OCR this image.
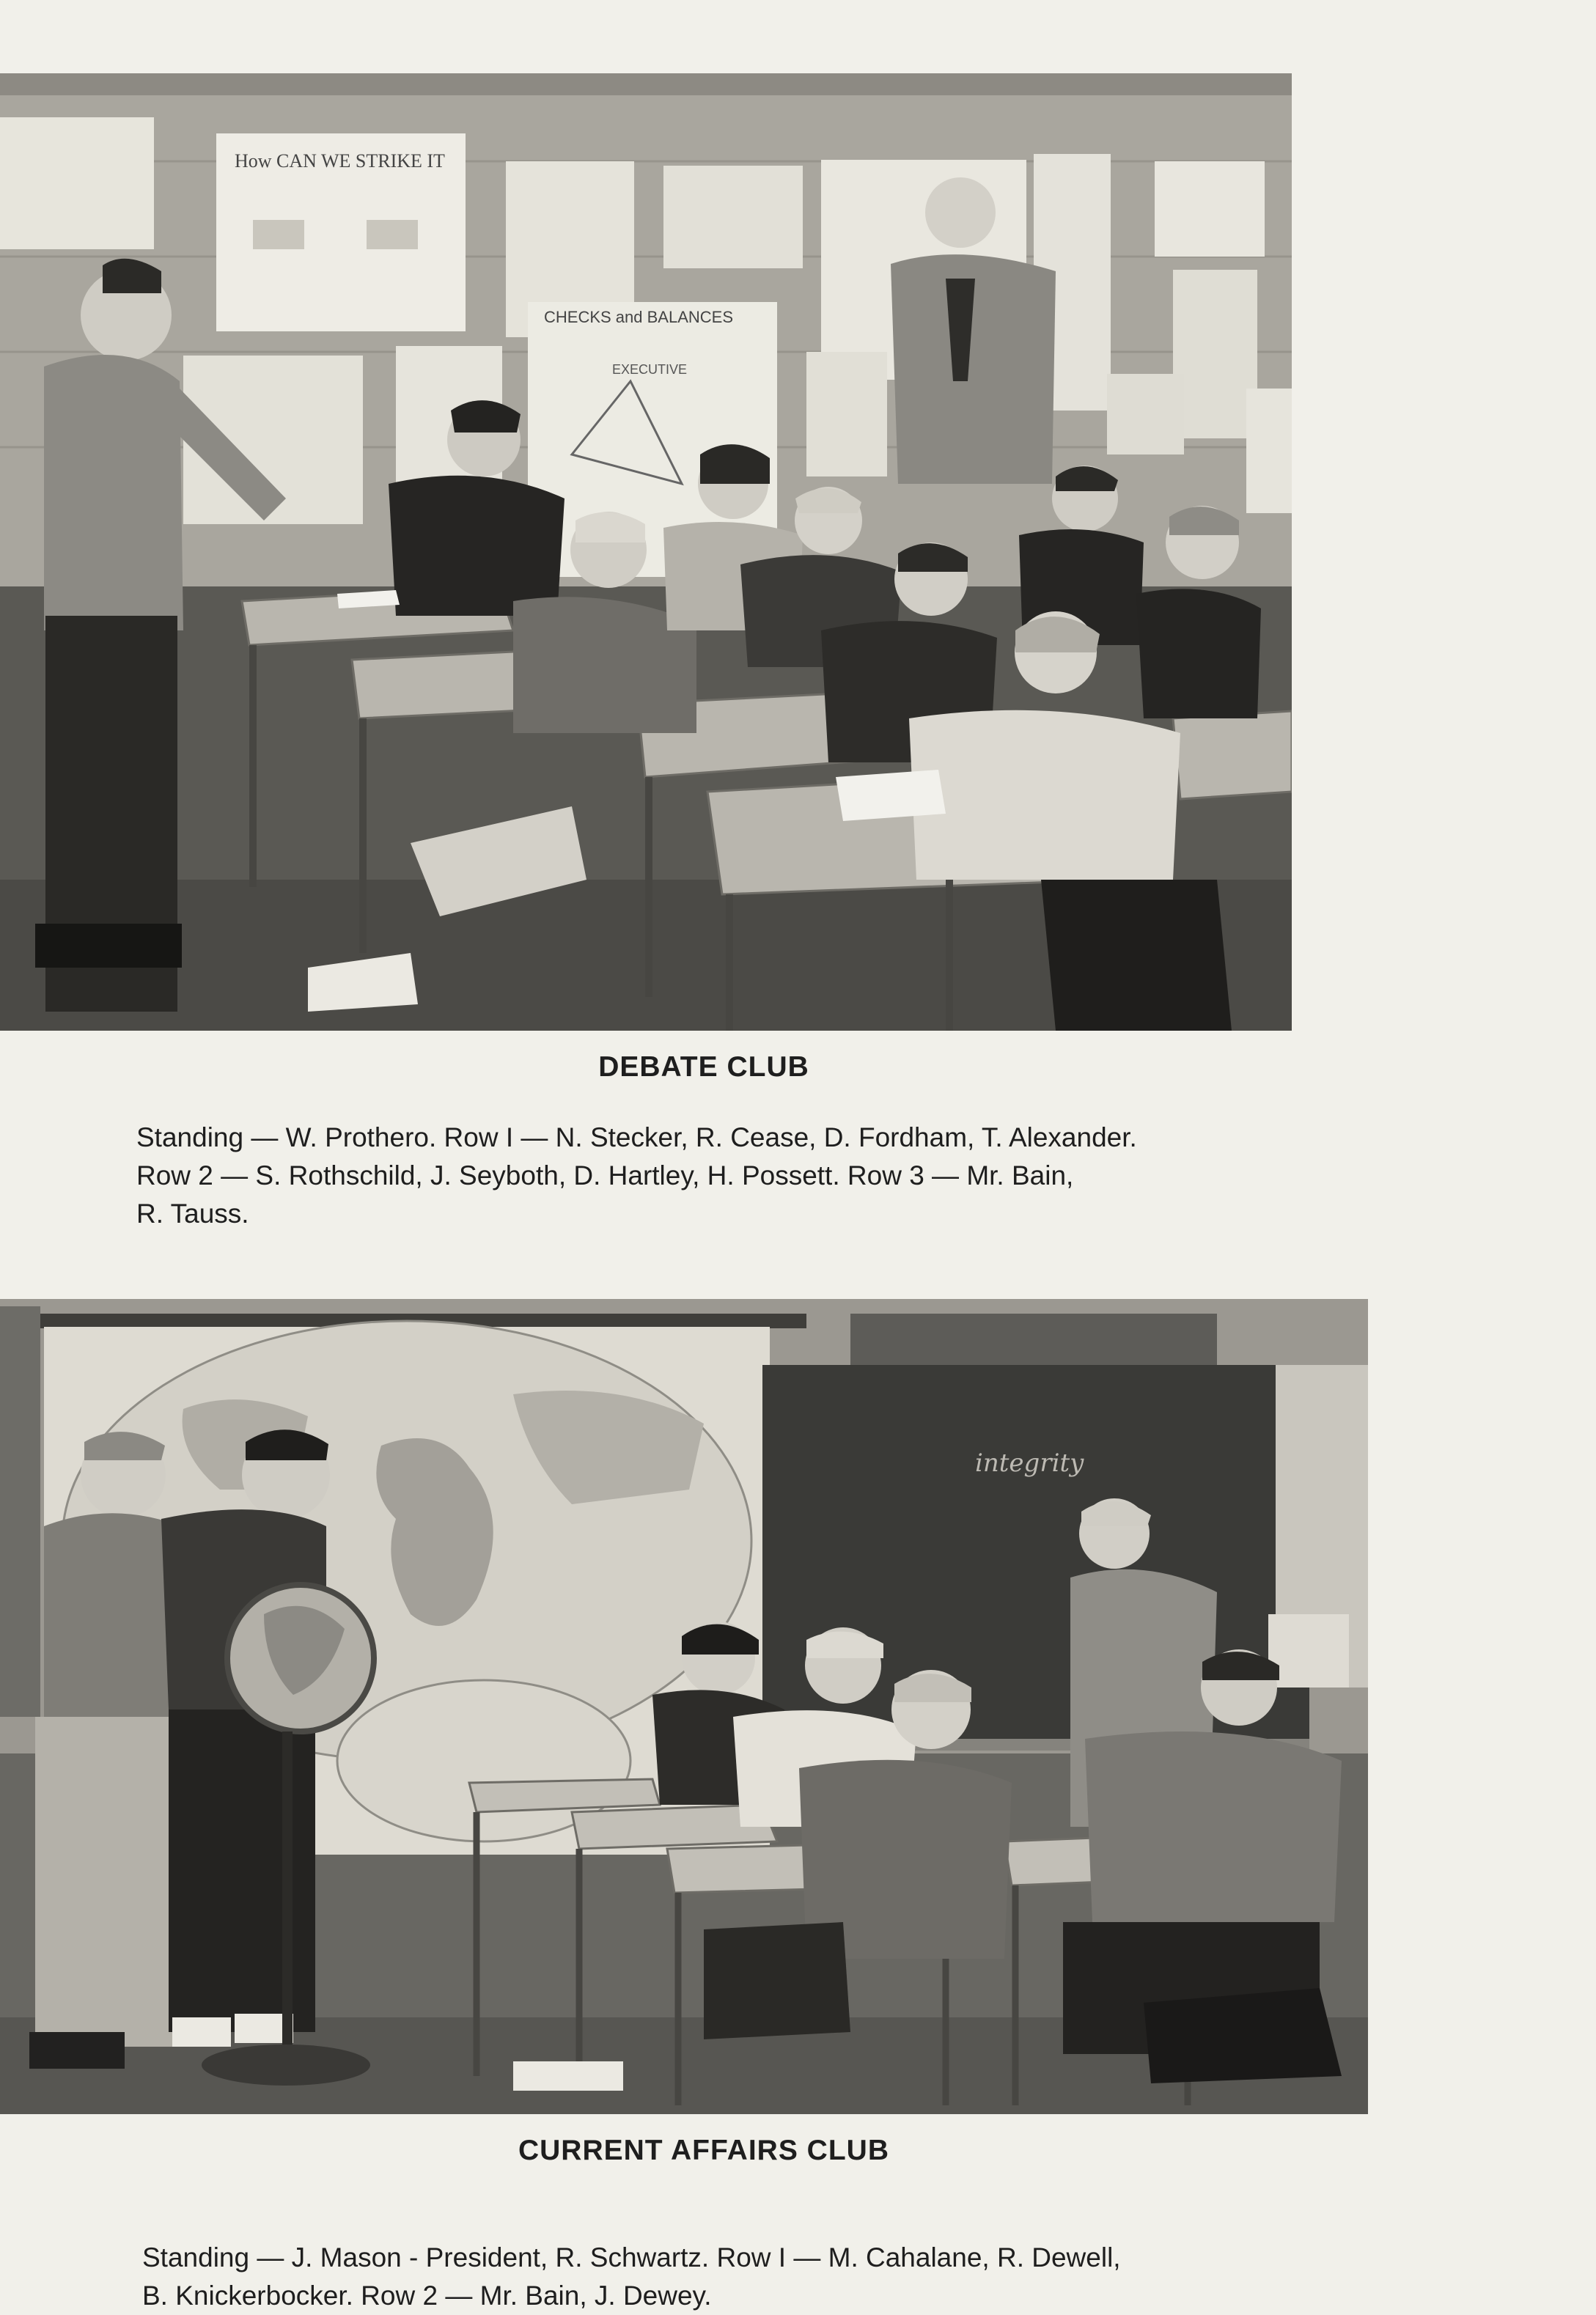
How CAN WE STRIKE IT
CHECKS and BALANCES
EXECUTIVE
DEBATE CLUB
Standing — W. Prothero. Row I — N. Stecker, R. Cease, D. Fordham, T. Alexander.
Row 2 — S. Rothschild, J. Seyboth, D. Hartley, H. Possett. Row 3 — Mr. Bain,
R. Tauss.
integrity
CURRENT AFFAIRS CLUB
Standing — J. Mason - President, R. Schwartz. Row I — M. Cahalane, R. Dewell,
B. Knickerbocker. Row 2 — Mr. Bain, J. Dewey.
